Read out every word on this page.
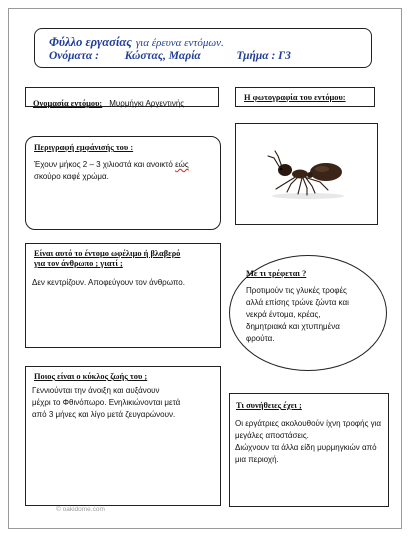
Φύλλο εργασίας για έρευνα εντόμων.
Ονόματα : Κώστας, Μαρία	Τμήμα : Γ3
Ονομασία εντόμου: Μυρμήγκι Αργεντινής
Η φωτογραφία του εντόμου:
Περιγραφή εμφάνισής του :
Έχουν μήκος 2 – 3 χιλιοστά και ανοικτό εώς
σκούρο καφέ χρώμα.
Είναι αυτό το έντομο ωφέλιμο ή βλαβερό
για τον άνθρωπο ; γιατί ;
Δεν κεντρίζουν. Αποφεύγουν τον άνθρωπο.
Με τι τρέφεται ?
Προτιμούν τις γλυκές τροφές
αλλά επίσης τρώνε ζώντα και
νεκρά έντομα, κρέας,
δημητριακά και χτυπημένα
φρούτα.
Ποιος είναι ο κύκλος ζωής του ;
Γεννιούνται την άνοιξη και αυξάνουν
μέχρι το Φθινόπωρο. Ενηλικιώνονται μετά
από 3 μήνες και λίγο μετά ζευγαρώνουν.
Τι συνήθειες έχει ;
Οι εργάτριες ακολουθούν ίχνη τροφής για
μεγάλες αποστάσεις.
Διώχνουν τα άλλα είδη μυρμηγκιών από
μια περιοχή.
© oakidome.com
